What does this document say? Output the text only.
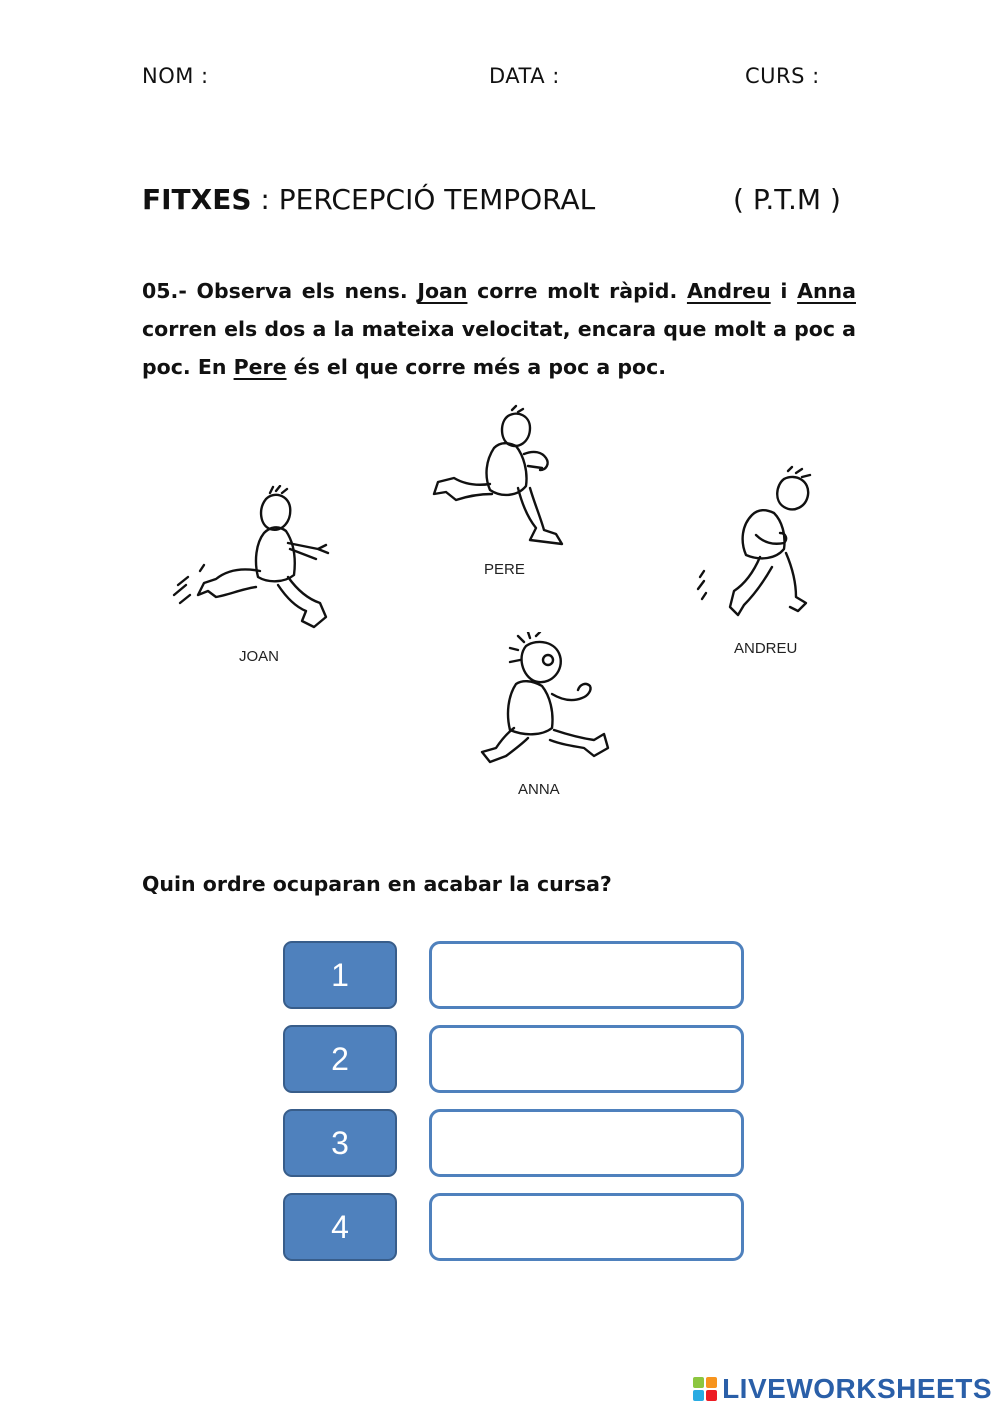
NOM :	DATA :	CURS :
FITXES : PERCEPCIÓ TEMPORAL	( P.T.M )
05.- Observa els nens. Joan corre molt ràpid. Andreu i Anna corren els dos a la mateixa velocitat, encara que molt a poc a poc. En Pere és el que corre més a poc a poc.
JOAN
PERE
ANDREU
ANNA
Quin ordre ocuparan en acabar la cursa?
1
2
3
4
LIVEWORKSHEETS
